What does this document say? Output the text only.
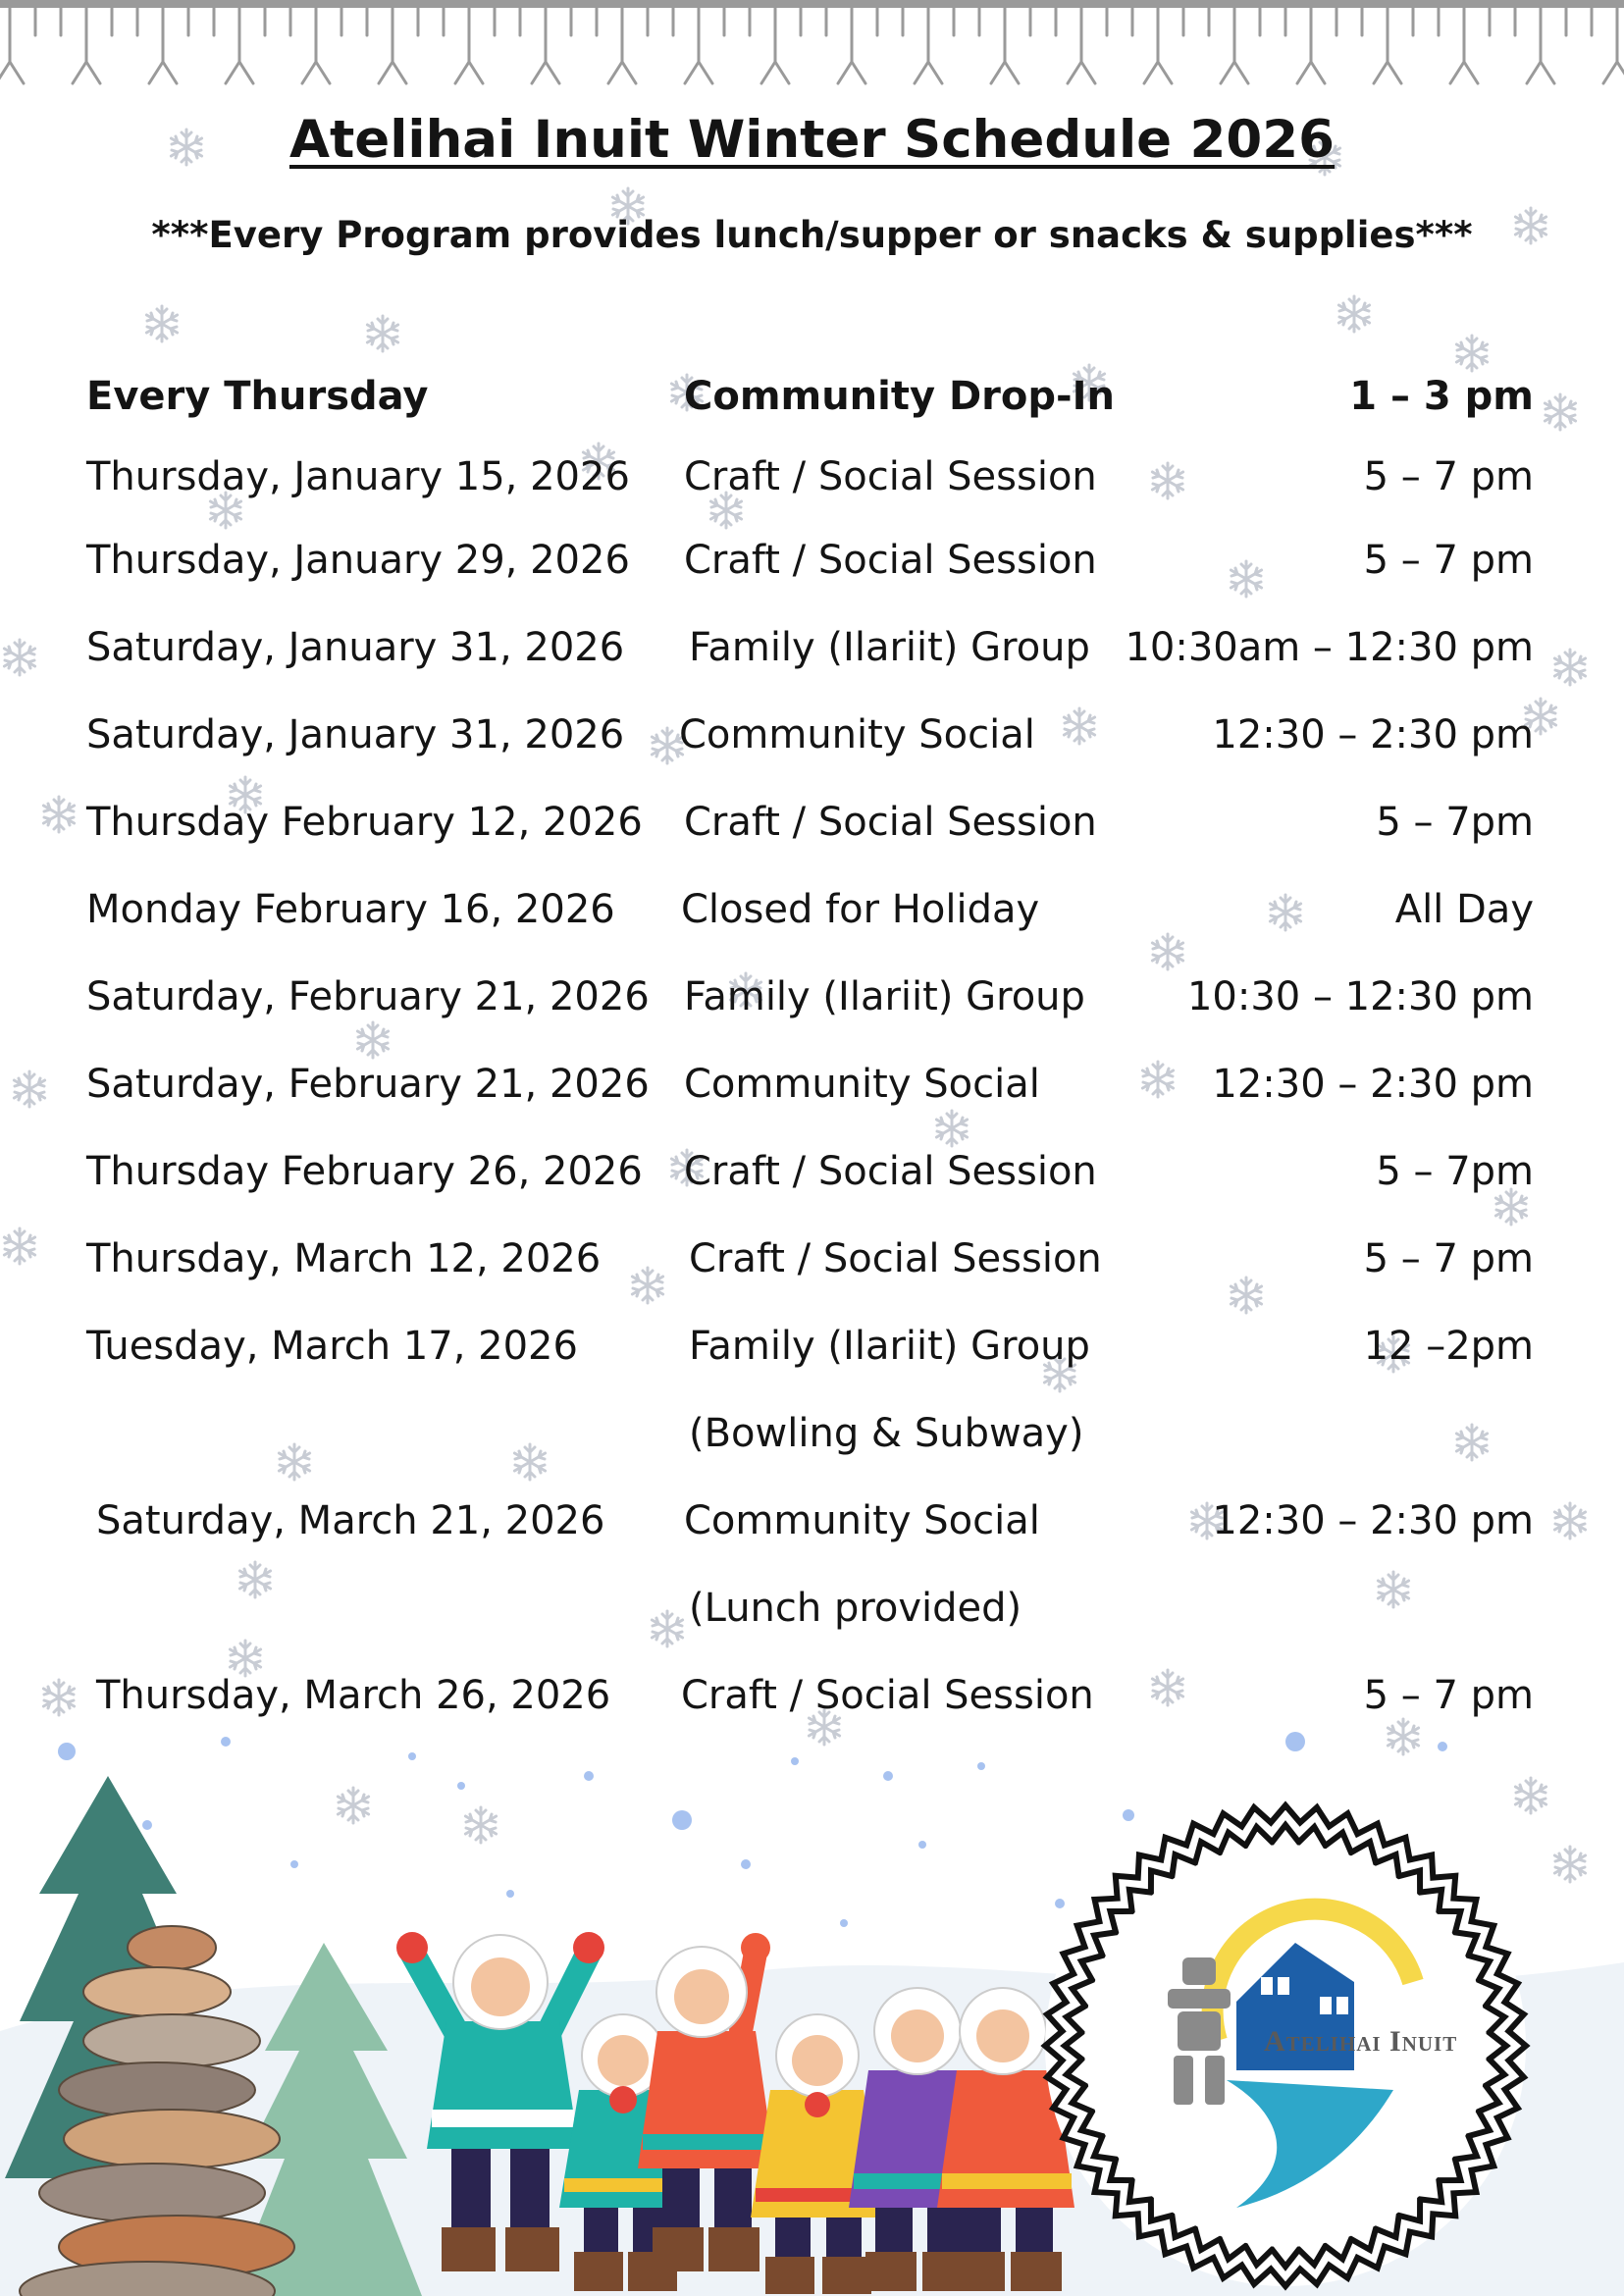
Atelihai Inuit Winter Schedule 2026
***Every Program provides lunch/supper or snacks & supplies***
Every Thursday	Community Drop-In	1 – 3 pm
Thursday, January 15, 2026 Craft / Social Session	5 – 7 pm
Thursday, January 29, 2026 Craft / Social Session	5 – 7 pm
Saturday, January 31, 2026 Family (Ilariit) Group 10:30am – 12:30 pm
Saturday, January 31, 2026 Community Social	12:30 – 2:30 pm
Thursday February 12, 2026 Craft / Social Session	5 – 7pm
Monday February 16, 2026 Closed for Holiday	All Day
Saturday, February 21, 2026 Family (Ilariit) Group	10:30 – 12:30 pm
Saturday, February 21, 2026 Community Social	12:30 – 2:30 pm
Thursday February 26, 2026 Craft / Social Session	5 – 7pm
Thursday, March 12, 2026 Craft / Social Session	5 – 7 pm
Tuesday, March 17, 2026	Family (Ilariit) Group	12 –2pm
(Bowling & Subway)
Saturday, March 21, 2026 Community Social	12:30 – 2:30 pm
(Lunch provided)
Thursday, March 26, 2026 Craft / Social Session	5 – 7 pm
Atelihai Inuit
